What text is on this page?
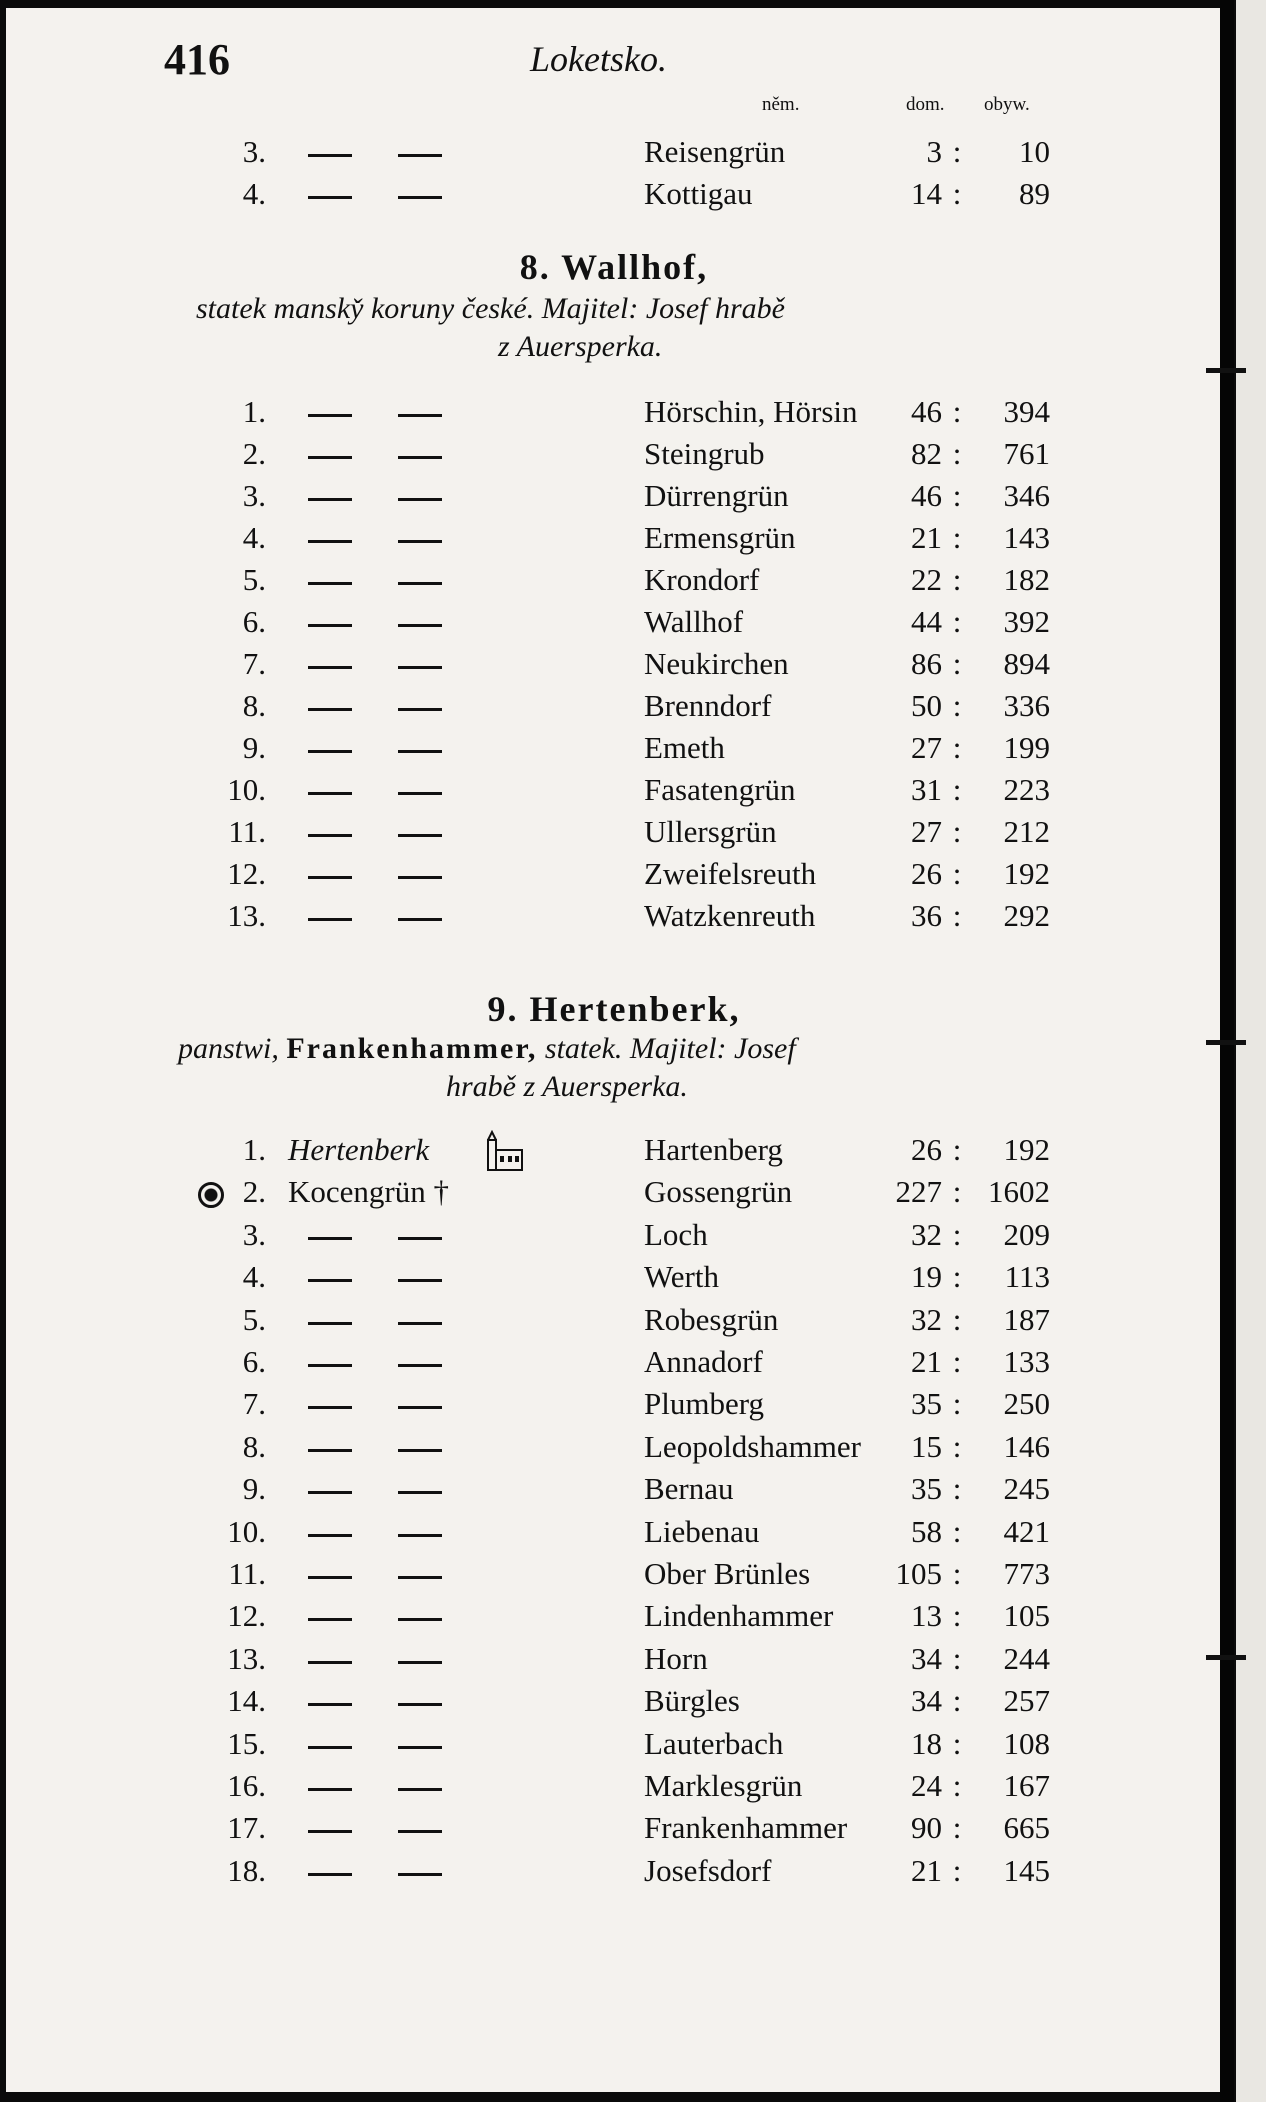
416	Loketsko.
něm.	dom. obyw.
3.	Reisengrün	3 :	10
4.	Kottigau	14 :	89
8. Wallhof,
statek mansky̌ koruny české. Majitel: Josef hrabě
z Auersperka.
1.	Hörschin, Hörsin	46 :	394
2.	Steingrub	82 :	761
3.	Dürrengrün	46 :	346
4.	Ermensgrün	21 :	143
5.	Krondorf	22 :	182
6.	Wallhof	44 :	392
7.	Neukirchen	86 :	894
8.	Brenndorf	50 :	336
9.	Emeth	27 :	199
10.	Fasatengrün	31 :	223
11.	Ullersgrün	27 :	212
12.	Zweifelsreuth	26 :	192
13.	Watzkenreuth	36 :	292
9. Hertenberk,
panstwi, Frankenhammer, statek. Majitel: Josef
hrabě z Auersperka.
1. Hertenberk	Hartenberg	26 :	192
2. Kocengrün †	Gossengrün	227 : 1602
3.	Loch	32 :	209
4.	Werth	19 :	113
5.	Robesgrün	32 :	187
6.	Annadorf	21 :	133
7.	Plumberg	35 :	250
8.	Leopoldshammer	15 :	146
9.	Bernau	35 :	245
10.	Liebenau	58 :	421
11.	Ober Brünles	105 :	773
12.	Lindenhammer	13 :	105
13.	Horn	34 :	244
14.	Bürgles	34 :	257
15.	Lauterbach	18 :	108
16.	Marklesgrün	24 :	167
17.	Frankenhammer	90 :	665
18.	Josefsdorf	21 :	145
